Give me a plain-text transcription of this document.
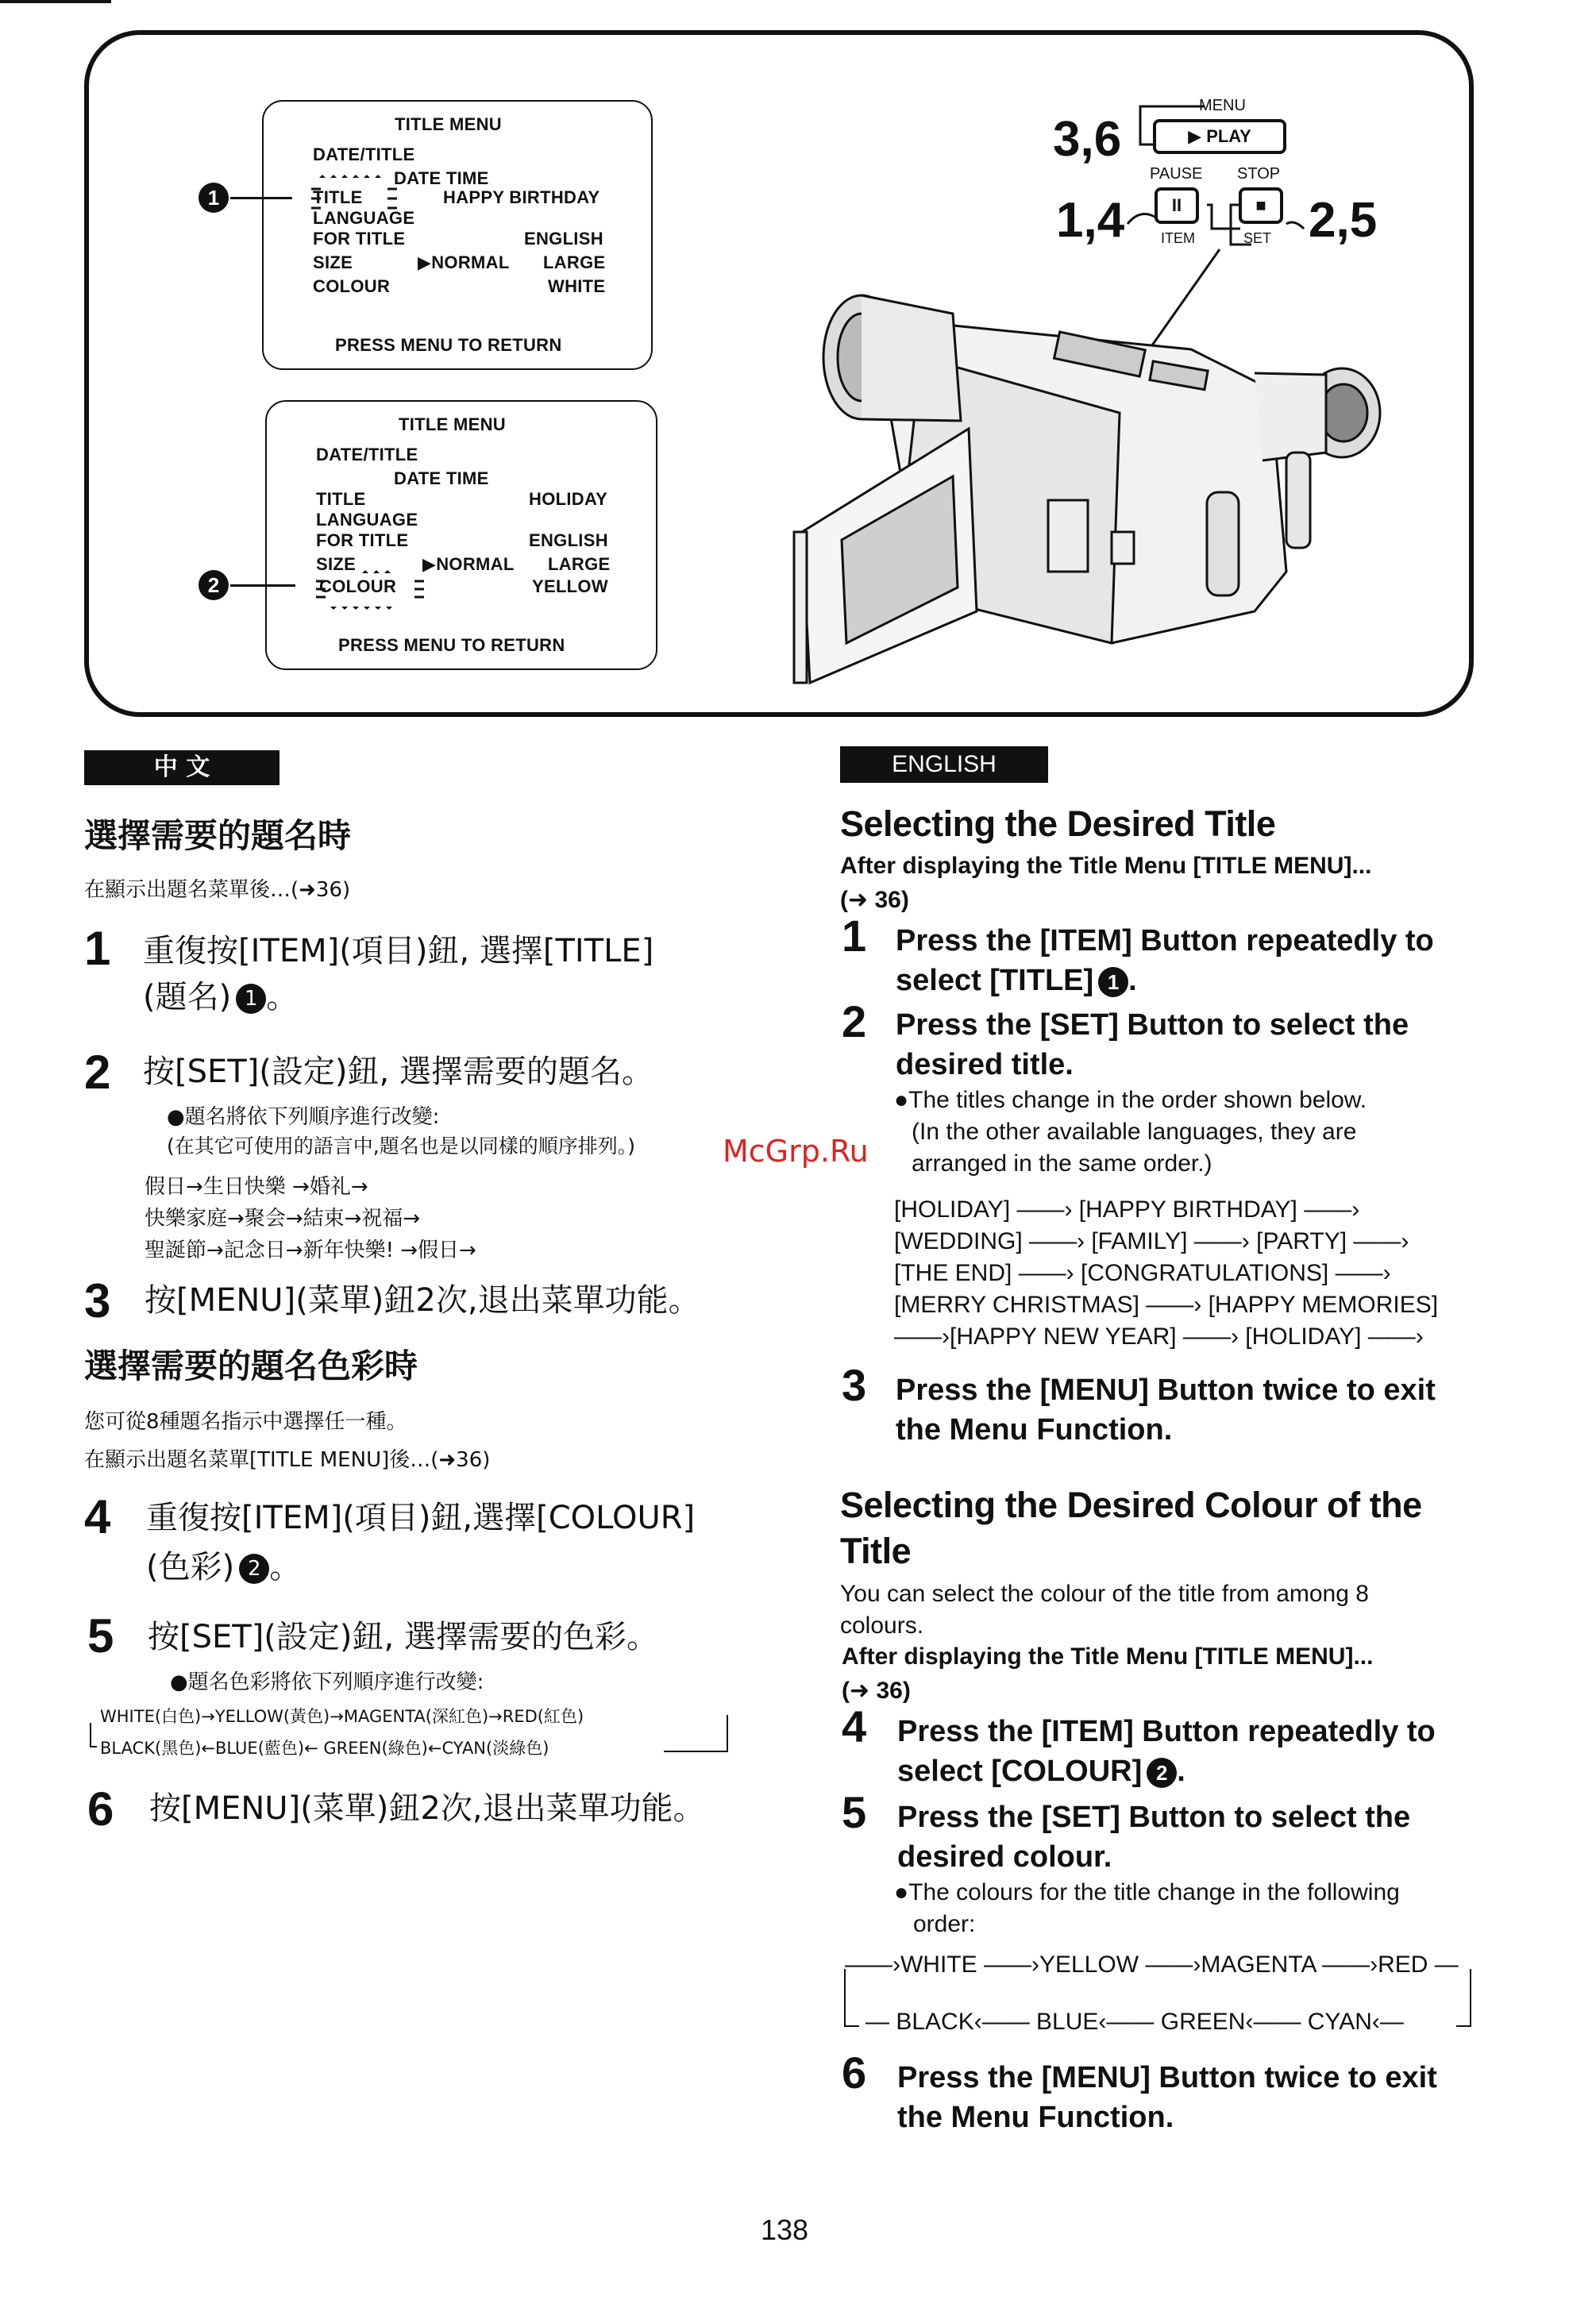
TITLE MENU
DATE/TITLE
DATE TIME
TITLE	HAPPY BIRTHDAY
LANGUAGE
FOR TITLE	ENGLISH
SIZE	▶NORMAL LARGE
COLOUR	WHITE
PRESS MENU TO RETURN
1
TITLE MENU
DATE/TITLE
DATE TIME
TITLE	HOLIDAY
LANGUAGE
FOR TITLE	ENGLISH
SIZE	▶NORMAL LARGE
COLOUR	YELLOW
PRESS MENU TO RETURN
2
3,6
MENU
▶ PLAY
PAUSE STOP
1,4	II	■
ITEM	SET 2,5
中 文
選擇需要的題名時
在顯示出題名菜單後…(➜36)
1 重復按[ITEM](項目)鈕, 選擇[TITLE]
(題名) 1 。
2 按[SET](設定)鈕, 選擇需要的題名。
●題名將依下列順序進行改變:
(在其它可使用的語言中,題名也是以同樣的順序排列。)
假日→生日快樂 →婚礼→
快樂家庭→聚会→結束→祝福→
聖誕節→記念日→新年快樂! →假日→
3 按[MENU](菜單)鈕2次,退出菜單功能。
選擇需要的題名色彩時
您可從8種題名指示中選擇任一種。
在顯示出題名菜單[TITLE MENU]後…(➜36)
4 重復按[ITEM](項目)鈕,選擇[COLOUR]
(色彩) 2 。
5 按[SET](設定)鈕, 選擇需要的色彩。
●題名色彩將依下列順序進行改變:
WHITE(白色)→YELLOW(黃色)→MAGENTA(深紅色)→RED(紅色)
BLACK(黑色)←BLUE(藍色)← GREEN(綠色)←CYAN(淡綠色)
6 按[MENU](菜單)鈕2次,退出菜單功能。
McGrp.Ru
ENGLISH
Selecting the Desired Title
After displaying the Title Menu [TITLE MENU]...
(➜ 36)
1 Press the [ITEM] Button repeatedly to
select [TITLE] 1 .
2 Press the [SET] Button to select the
desired title.
●The titles change in the order shown below.
(In the other available languages, they are
arranged in the same order.)
[HOLIDAY] ——› [HAPPY BIRTHDAY] ——›
[WEDDING] ——› [FAMILY] ——› [PARTY] ——›
[THE END] ——› [CONGRATULATIONS] ——›
[MERRY CHRISTMAS] ——› [HAPPY MEMORIES]
——›[HAPPY NEW YEAR] ——› [HOLIDAY] ——›
3 Press the [MENU] Button twice to exit
the Menu Function.
Selecting the Desired Colour of the
Title
You can select the colour of the title from among 8
colours.
After displaying the Title Menu [TITLE MENU]...
(➜ 36)
4 Press the [ITEM] Button repeatedly to
select [COLOUR] 2 .
5 Press the [SET] Button to select the
desired colour.
●The colours for the title change in the following
order:
——›WHITE ——›YELLOW ——›MAGENTA ——›RED —
— BLACK‹—— BLUE‹—— GREEN‹—— CYAN‹—
6 Press the [MENU] Button twice to exit
the Menu Function.
138
